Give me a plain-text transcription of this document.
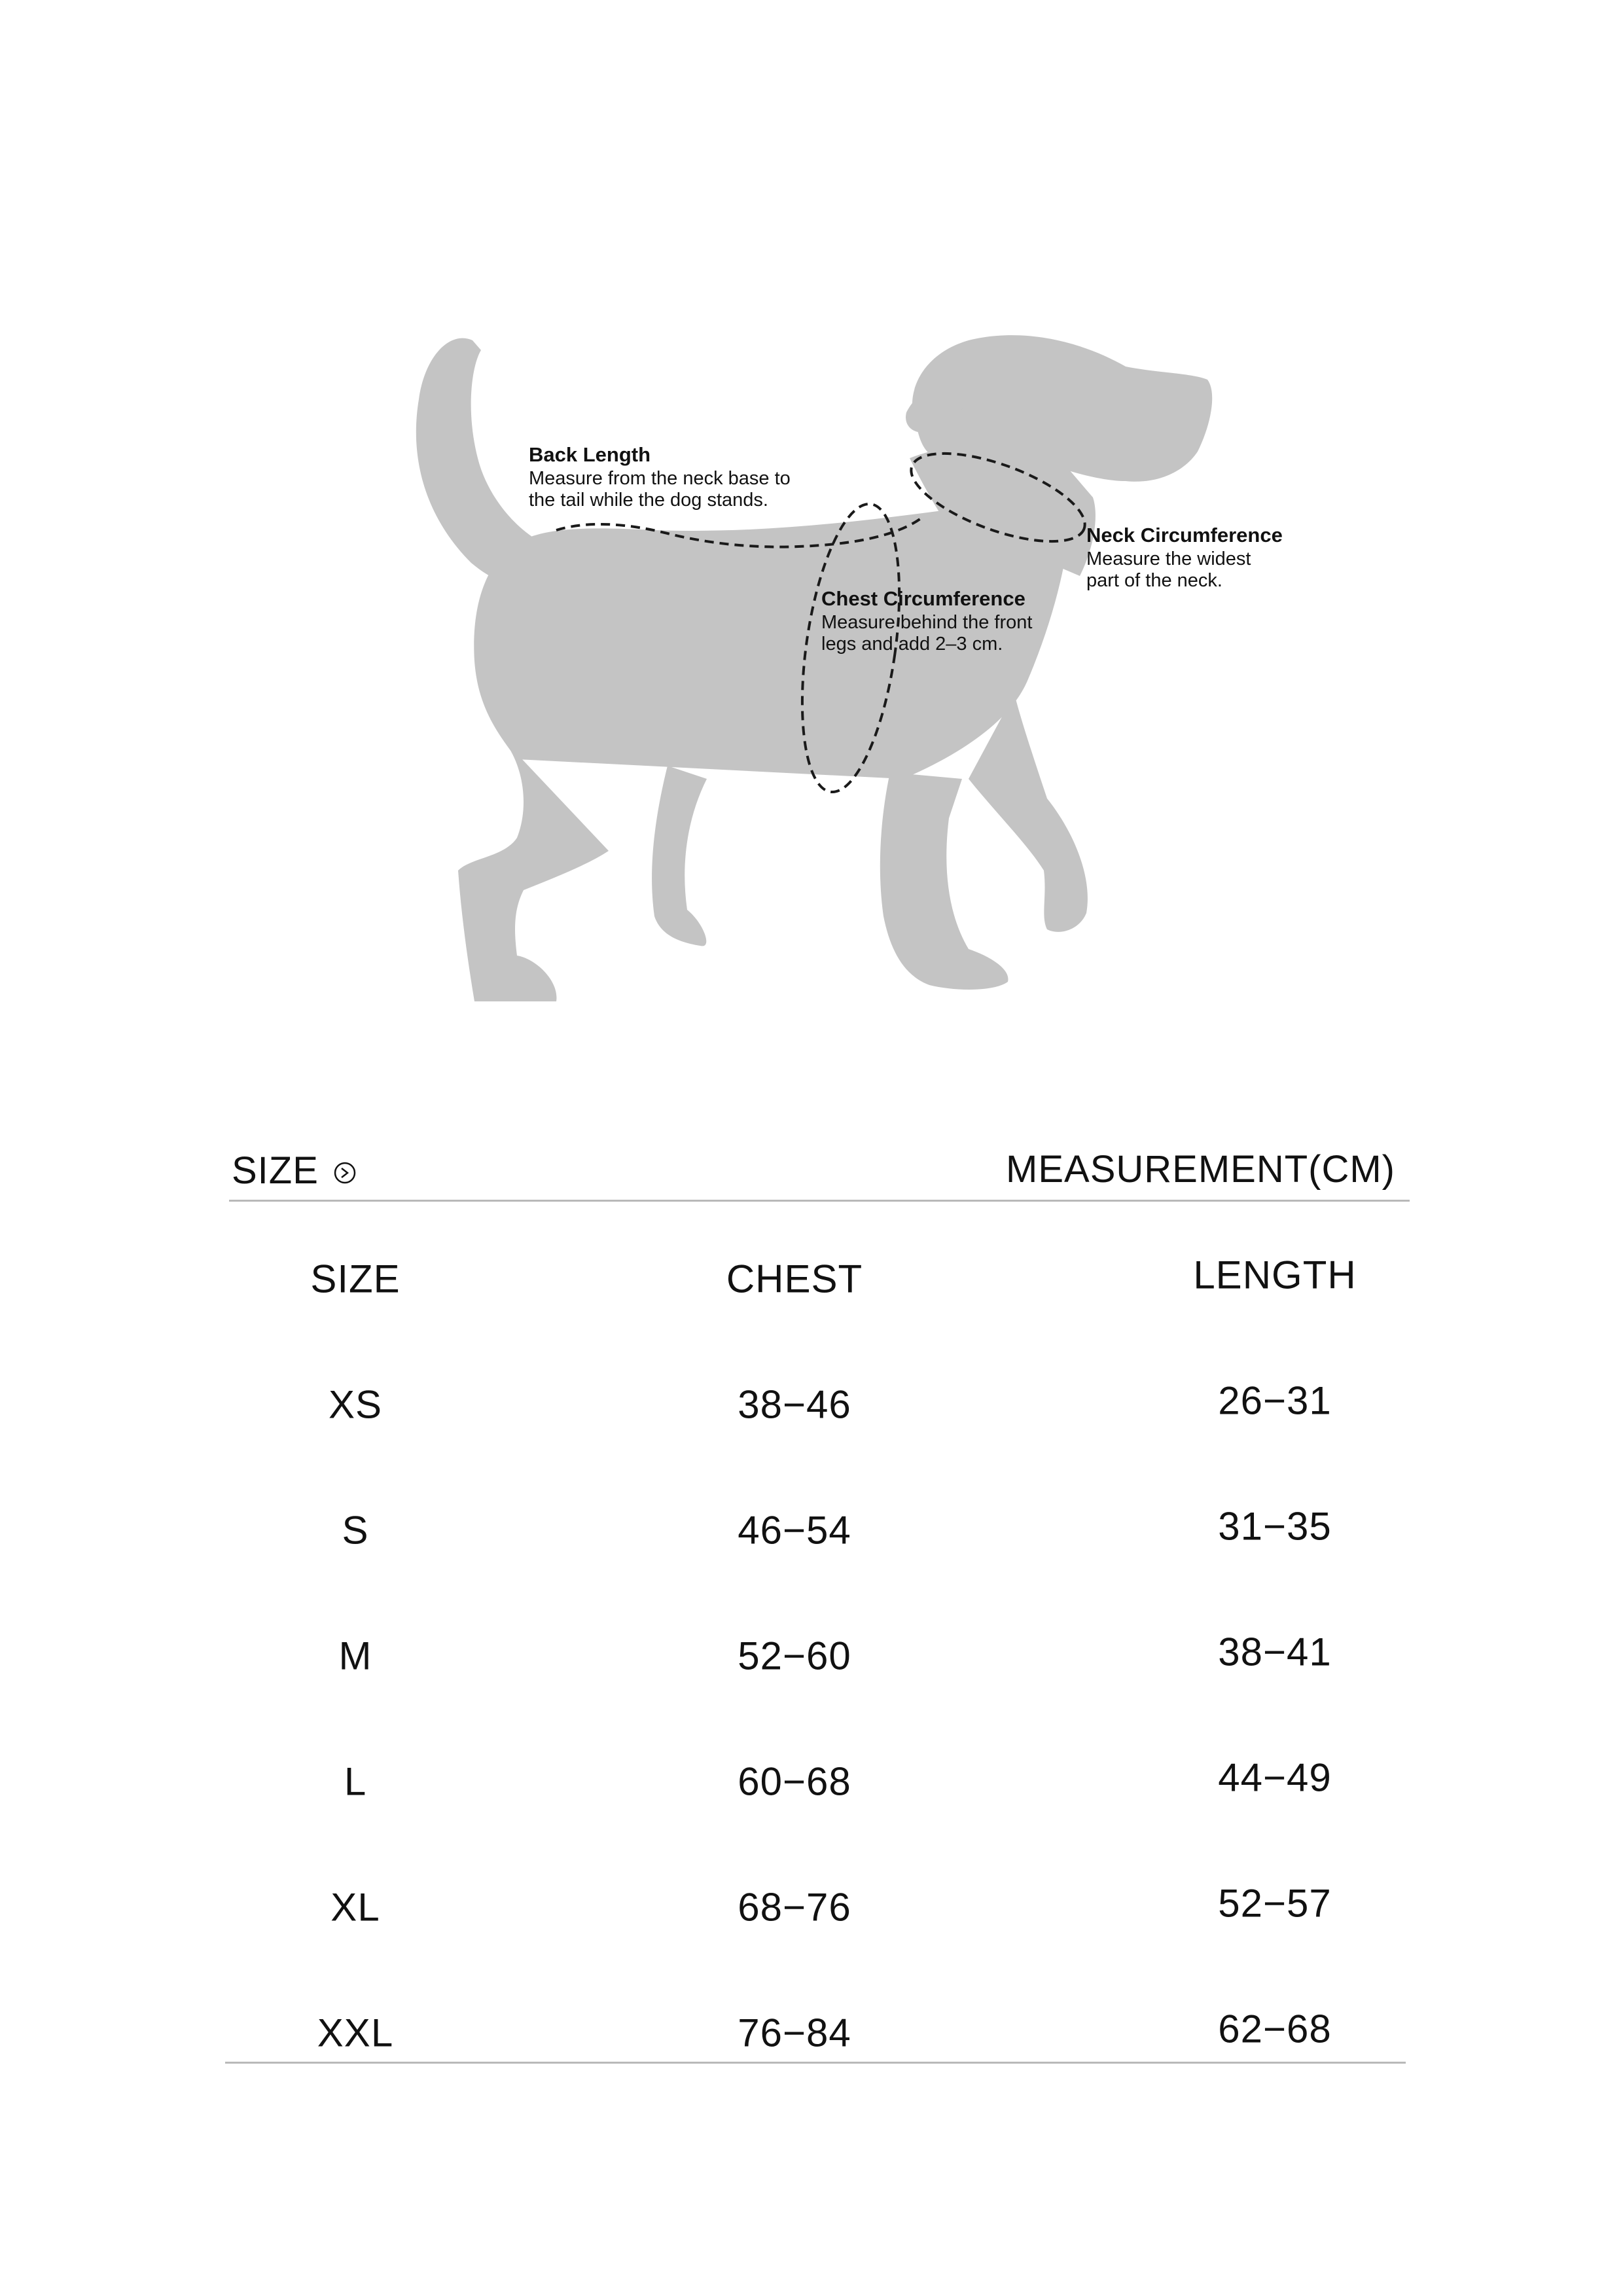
Back Length
Measure from the neck base to
the tail while the dog stands.
Neck Circumference
Measure the widest
part of the neck.
Chest Circumference
Measure behind the front
legs and add 2–3 cm.
SIZE	MEASUREMENT(CM)
SIZE	CHEST	LENGTH
XS	38−46	26−31
S	46−54	31−35
M	52−60	38−41
L	60−68	44−49
XL	68−76	52−57
XXL	76−84	62−68
